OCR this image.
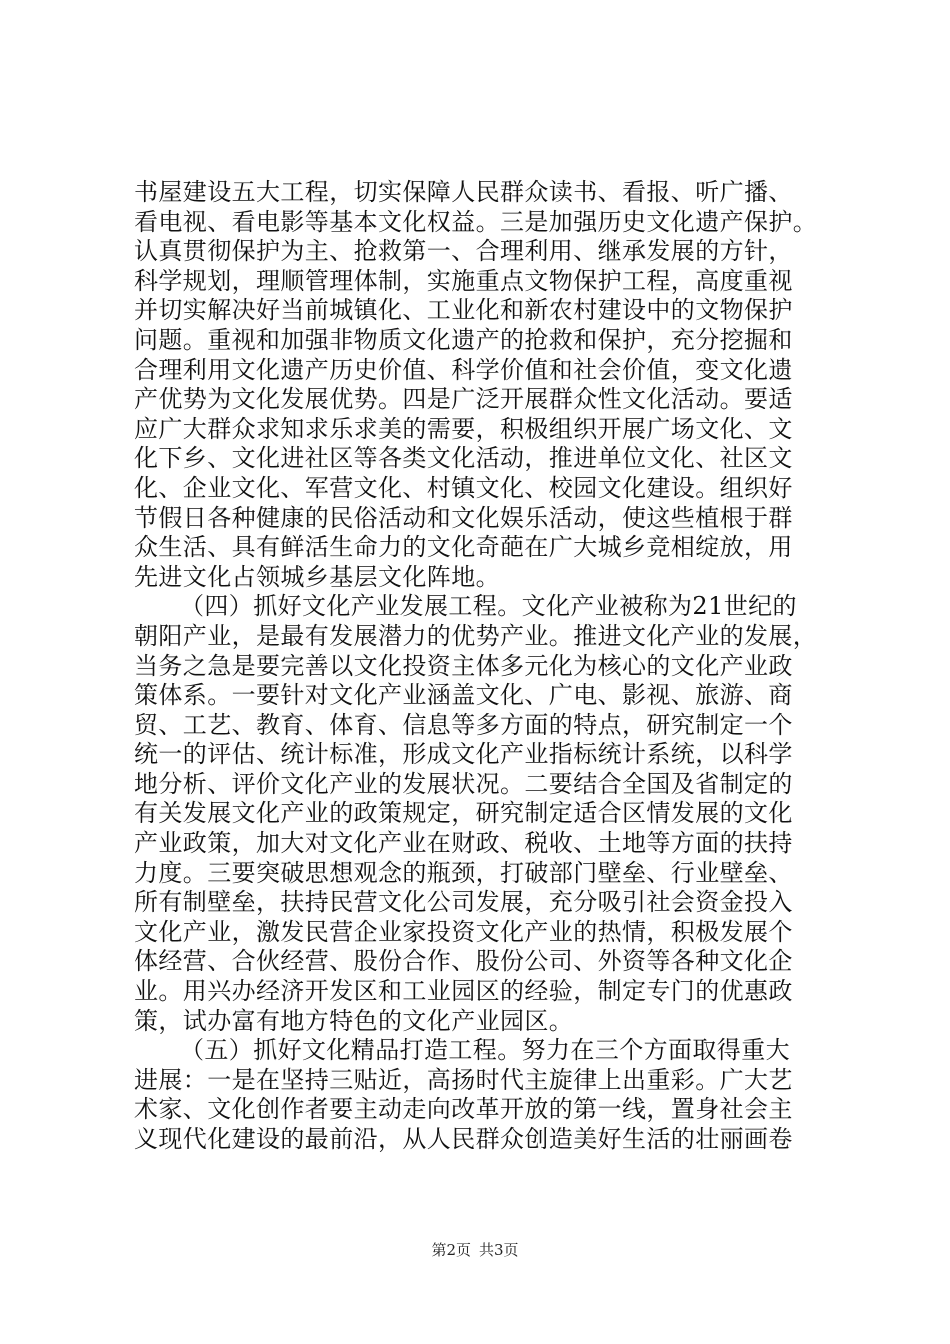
书屋建设五大工程，切实保障人民群众读书、看报、听广播、
看电视、看电影等基本文化权益。三是加强历史文化遗产保护。
认真贯彻保护为主、抢救第一、合理利用、继承发展的方针，
科学规划，理顺管理体制，实施重点文物保护工程，高度重视
并切实解决好当前城镇化、工业化和新农村建设中的文物保护
问题。重视和加强非物质文化遗产的抢救和保护，充分挖掘和
合理利用文化遗产历史价值、科学价值和社会价值，变文化遗
产优势为文化发展优势。四是广泛开展群众性文化活动。要适
应广大群众求知求乐求美的需要，积极组织开展广场文化、文
化下乡、文化进社区等各类文化活动，推进单位文化、社区文
化、企业文化、军营文化、村镇文化、校园文化建设。组织好
节假日各种健康的民俗活动和文化娱乐活动，使这些植根于群
众生活、具有鲜活生命力的文化奇葩在广大城乡竞相绽放，用
先进文化占领城乡基层文化阵地。
（四）抓好文化产业发展工程。文化产业被称为21世纪的
朝阳产业，是最有发展潜力的优势产业。推进文化产业的发展，
当务之急是要完善以文化投资主体多元化为核心的文化产业政
策体系。一要针对文化产业涵盖文化、广电、影视、旅游、商
贸、工艺、教育、体育、信息等多方面的特点，研究制定一个
统一的评估、统计标准，形成文化产业指标统计系统，以科学
地分析、评价文化产业的发展状况。二要结合全国及省制定的
有关发展文化产业的政策规定，研究制定适合区情发展的文化
产业政策，加大对文化产业在财政、税收、土地等方面的扶持
力度。三要突破思想观念的瓶颈，打破部门壁垒、行业壁垒、
所有制壁垒，扶持民营文化公司发展，充分吸引社会资金投入
文化产业，激发民营企业家投资文化产业的热情，积极发展个
体经营、合伙经营、股份合作、股份公司、外资等各种文化企
业。用兴办经济开发区和工业园区的经验，制定专门的优惠政
策，试办富有地方特色的文化产业园区。
（五）抓好文化精品打造工程。努力在三个方面取得重大
进展：一是在坚持三贴近，高扬时代主旋律上出重彩。广大艺
术家、文化创作者要主动走向改革开放的第一线，置身社会主
义现代化建设的最前沿，从人民群众创造美好生活的壮丽画卷
第2页 共3页
